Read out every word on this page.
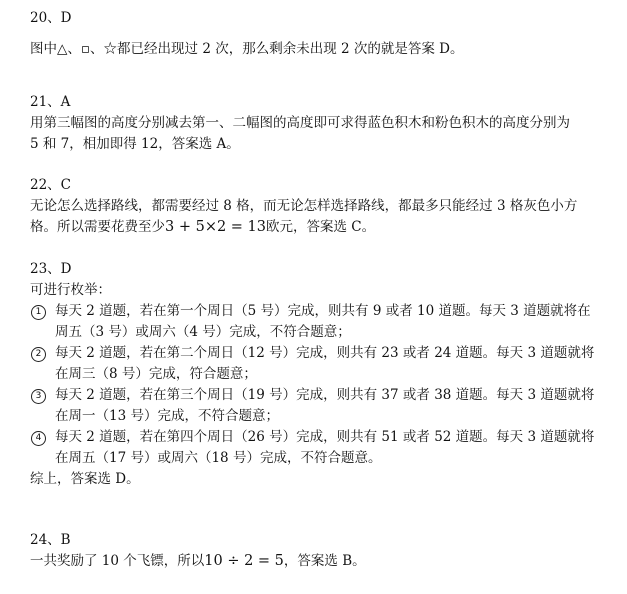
20、D
图中△、▫、☆都已经出现过 2 次，那么剩余未出现 2 次的就是答案 D。
21、A
用第三幅图的高度分别减去第一、二幅图的高度即可求得蓝色积木和粉色积木的高度分别为
5 和 7，相加即得 12，答案选 A。
22、C
无论怎么选择路线，都需要经过 8 格，而无论怎样选择路线，都最多只能经过 3 格灰色小方
格。所以需要花费至少3 + 5×2 = 13欧元，答案选 C。
23、D
可进行枚举：
1	每天 2 道题，若在第一个周日（5 号）完成，则共有 9 或者 10 道题。每天 3 道题就将在
周五（3 号）或周六（4 号）完成，不符合题意；
2	每天 2 道题，若在第二个周日（12 号）完成，则共有 23 或者 24 道题。每天 3 道题就将
在周三（8 号）完成，符合题意；
3	每天 2 道题，若在第三个周日（19 号）完成，则共有 37 或者 38 道题。每天 3 道题就将
在周一（13 号）完成，不符合题意；
4	每天 2 道题，若在第四个周日（26 号）完成，则共有 51 或者 52 道题。每天 3 道题就将
在周五（17 号）或周六（18 号）完成，不符合题意。
综上，答案选 D。
24、B
一共奖励了 10 个飞镖，所以10 ÷ 2 = 5，答案选 B。
